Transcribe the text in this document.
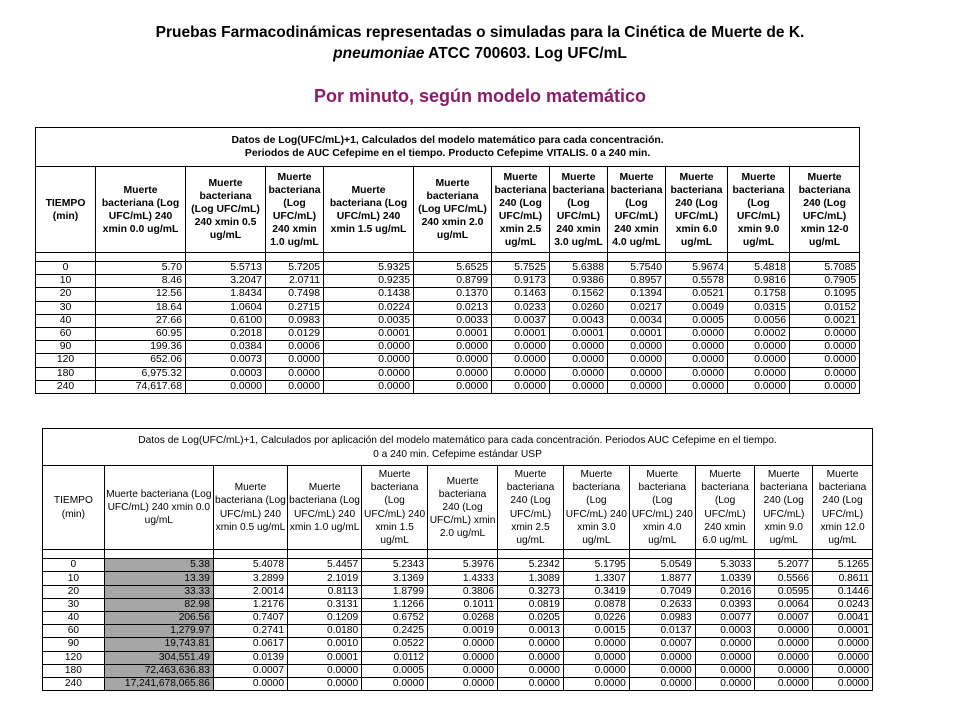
Pruebas Farmacodinámicas representadas o simuladas para la Cinética de Muerte de K.
pneumoniae ATCC 700603. Log UFC/mL
Por minuto, según modelo matemático
Datos de Log(UFC/mL)+1, Calculados del modelo matemático para cada concentración.
Periodos de AUC Cefepime en el tiempo. Producto Cefepime VITALIS. 0 a 240 min.											

TIEMPO (min)	Muerte bacteriana (Log UFC/mL) 240 xmin 0.0 ug/mL	Muerte bacteriana (Log UFC/mL) 240 xmin 0.5 ug/mL	Muerte bacteriana (Log UFC/mL) 240 xmin 1.0 ug/mL	Muerte bacteriana (Log UFC/mL) 240 xmin 1.5 ug/mL	Muerte bacteriana (Log UFC/mL) 240 xmin 2.0 ug/mL	Muerte bacteriana 240 (Log UFC/mL) xmin 2.5 ug/mL	Muerte bacteriana (Log UFC/mL) 240 xmin 3.0 ug/mL	Muerte bacteriana (Log UFC/mL) 240 xmin 4.0 ug/mL	Muerte bacteriana 240 (Log UFC/mL) xmin 6.0 ug/mL	Muerte bacteriana (Log UFC/mL) xmin 9.0 ug/mL	Muerte bacteriana 240 (Log UFC/mL) xmin 12-0 ug/mL

0	5.70	5.5713	5.7205	5.9325	5.6525	5.7525	5.6388	5.7540	5.9674	5.4818	5.7085
10	8.46	3.2047	2.0711	0.9235	0.8799	0.9173	0.9386	0.8957	0.5578	0.9816	0.7905
20	12.56	1.8434	0.7498	0.1438	0.1370	0.1463	0.1562	0.1394	0.0521	0.1758	0.1095
30	18.64	1.0604	0.2715	0.0224	0.0213	0.0233	0.0260	0.0217	0.0049	0.0315	0.0152
40	27.66	0.6100	0.0983	0.0035	0.0033	0.0037	0.0043	0.0034	0.0005	0.0056	0.0021
60	60.95	0.2018	0.0129	0.0001	0.0001	0.0001	0.0001	0.0001	0.0000	0.0002	0.0000
90	199.36	0.0384	0.0006	0.0000	0.0000	0.0000	0.0000	0.0000	0.0000	0.0000	0.0000
120	652.06	0.0073	0.0000	0.0000	0.0000	0.0000	0.0000	0.0000	0.0000	0.0000	0.0000
180	6,975.32	0.0003	0.0000	0.0000	0.0000	0.0000	0.0000	0.0000	0.0000	0.0000	0.0000
240	74,617.68	0.0000	0.0000	0.0000	0.0000	0.0000	0.0000	0.0000	0.0000	0.0000	0.0000
Datos de Log(UFC/mL)+1, Calculados por aplicación del modelo matemático para cada concentración. Periodos AUC Cefepime en el tiempo.
0 a 240 min. Cefepime estándar USP											

TIEMPO (min)	Muerte bacteriana (Log UFC/mL) 240 xmin 0.0 ug/mL	Muerte bacteriana (Log UFC/mL) 240 xmin 0.5 ug/mL	Muerte bacteriana (Log UFC/mL) 240 xmin 1.0 ug/mL	Muerte bacteriana (Log UFC/mL) 240 xmin 1.5 ug/mL	Muerte bacteriana 240 (Log UFC/mL) xmin 2.0 ug/mL	Muerte bacteriana 240 (Log UFC/mL) xmin 2.5 ug/mL	Muerte bacteriana (Log UFC/mL) 240 xmin 3.0 ug/mL	Muerte bacteriana (Log UFC/mL) 240 xmin 4.0 ug/mL	Muerte bacteriana (Log UFC/mL) 240 xmin 6.0 ug/mL	Muerte bacteriana 240 (Log UFC/mL) xmin 9.0 ug/mL	Muerte bacteriana 240 (Log UFC/mL) xmin 12.0 ug/mL

0	5.38	5.4078	5.4457	5.2343	5.3976	5.2342	5.1795	5.0549	5.3033	5.2077	5.1265
10	13.39	3.2899	2.1019	3.1369	1.4333	1.3089	1.3307	1.8877	1.0339	0.5566	0.8611
20	33.33	2.0014	0.8113	1.8799	0.3806	0.3273	0.3419	0.7049	0.2016	0.0595	0.1446
30	82.98	1.2176	0.3131	1.1266	0.1011	0.0819	0.0878	0.2633	0.0393	0.0064	0.0243
40	206.56	0.7407	0.1209	0.6752	0.0268	0.0205	0.0226	0.0983	0.0077	0.0007	0.0041
60	1,279.97	0.2741	0.0180	0.2425	0.0019	0.0013	0.0015	0.0137	0.0003	0.0000	0.0001
90	19,743.81	0.0617	0.0010	0.0522	0.0000	0.0000	0.0000	0.0007	0.0000	0.0000	0.0000
120	304,551.49	0.0139	0.0001	0.0112	0.0000	0.0000	0.0000	0.0000	0.0000	0.0000	0.0000
180	72,463,636.83	0.0007	0.0000	0.0005	0.0000	0.0000	0.0000	0.0000	0.0000	0.0000	0.0000
240	17,241,678,065.86	0.0000	0.0000	0.0000	0.0000	0.0000	0.0000	0.0000	0.0000	0.0000	0.0000
